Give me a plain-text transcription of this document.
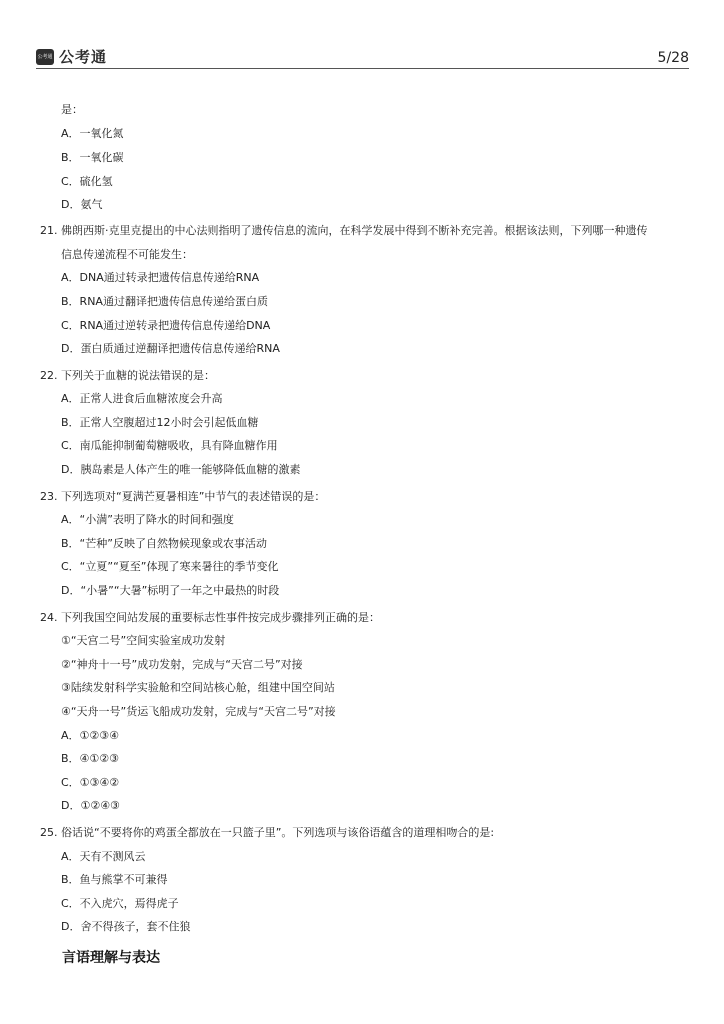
公考通 公考通	5/28
是：
A．一氧化氮
B．一氧化碳
C．硫化氢
D．氨气
21. 佛朗西斯·克里克提出的中心法则指明了遗传信息的流向，在科学发展中得到不断补充完善。根据该法则，下列哪一种遗传
信息传递流程不可能发生：
A．DNA通过转录把遗传信息传递给RNA
B．RNA通过翻译把遗传信息传递给蛋白质
C．RNA通过逆转录把遗传信息传递给DNA
D．蛋白质通过逆翻译把遗传信息传递给RNA
22. 下列关于血糖的说法错误的是：
A．正常人进食后血糖浓度会升高
B．正常人空腹超过12小时会引起低血糖
C．南瓜能抑制葡萄糖吸收，具有降血糖作用
D．胰岛素是人体产生的唯一能够降低血糖的激素
23. 下列选项对“夏满芒夏暑相连”中节气的表述错误的是：
A．“小满”表明了降水的时间和强度
B．“芒种”反映了自然物候现象或农事活动
C．“立夏”“夏至”体现了寒来暑往的季节变化
D．“小暑”“大暑”标明了一年之中最热的时段
24. 下列我国空间站发展的重要标志性事件按完成步骤排列正确的是：
①“天宫二号”空间实验室成功发射
②“神舟十一号”成功发射，完成与“天宫二号”对接
③陆续发射科学实验舱和空间站核心舱，组建中国空间站
④“天舟一号”货运飞船成功发射，完成与“天宫二号”对接
A．①②③④
B．④①②③
C．①③④②
D．①②④③
25. 俗话说“不要将你的鸡蛋全都放在一只篮子里”。下列选项与该俗语蕴含的道理相吻合的是:
A．天有不测风云
B．鱼与熊掌不可兼得
C．不入虎穴，焉得虎子
D．舍不得孩子，套不住狼
言语理解与表达
